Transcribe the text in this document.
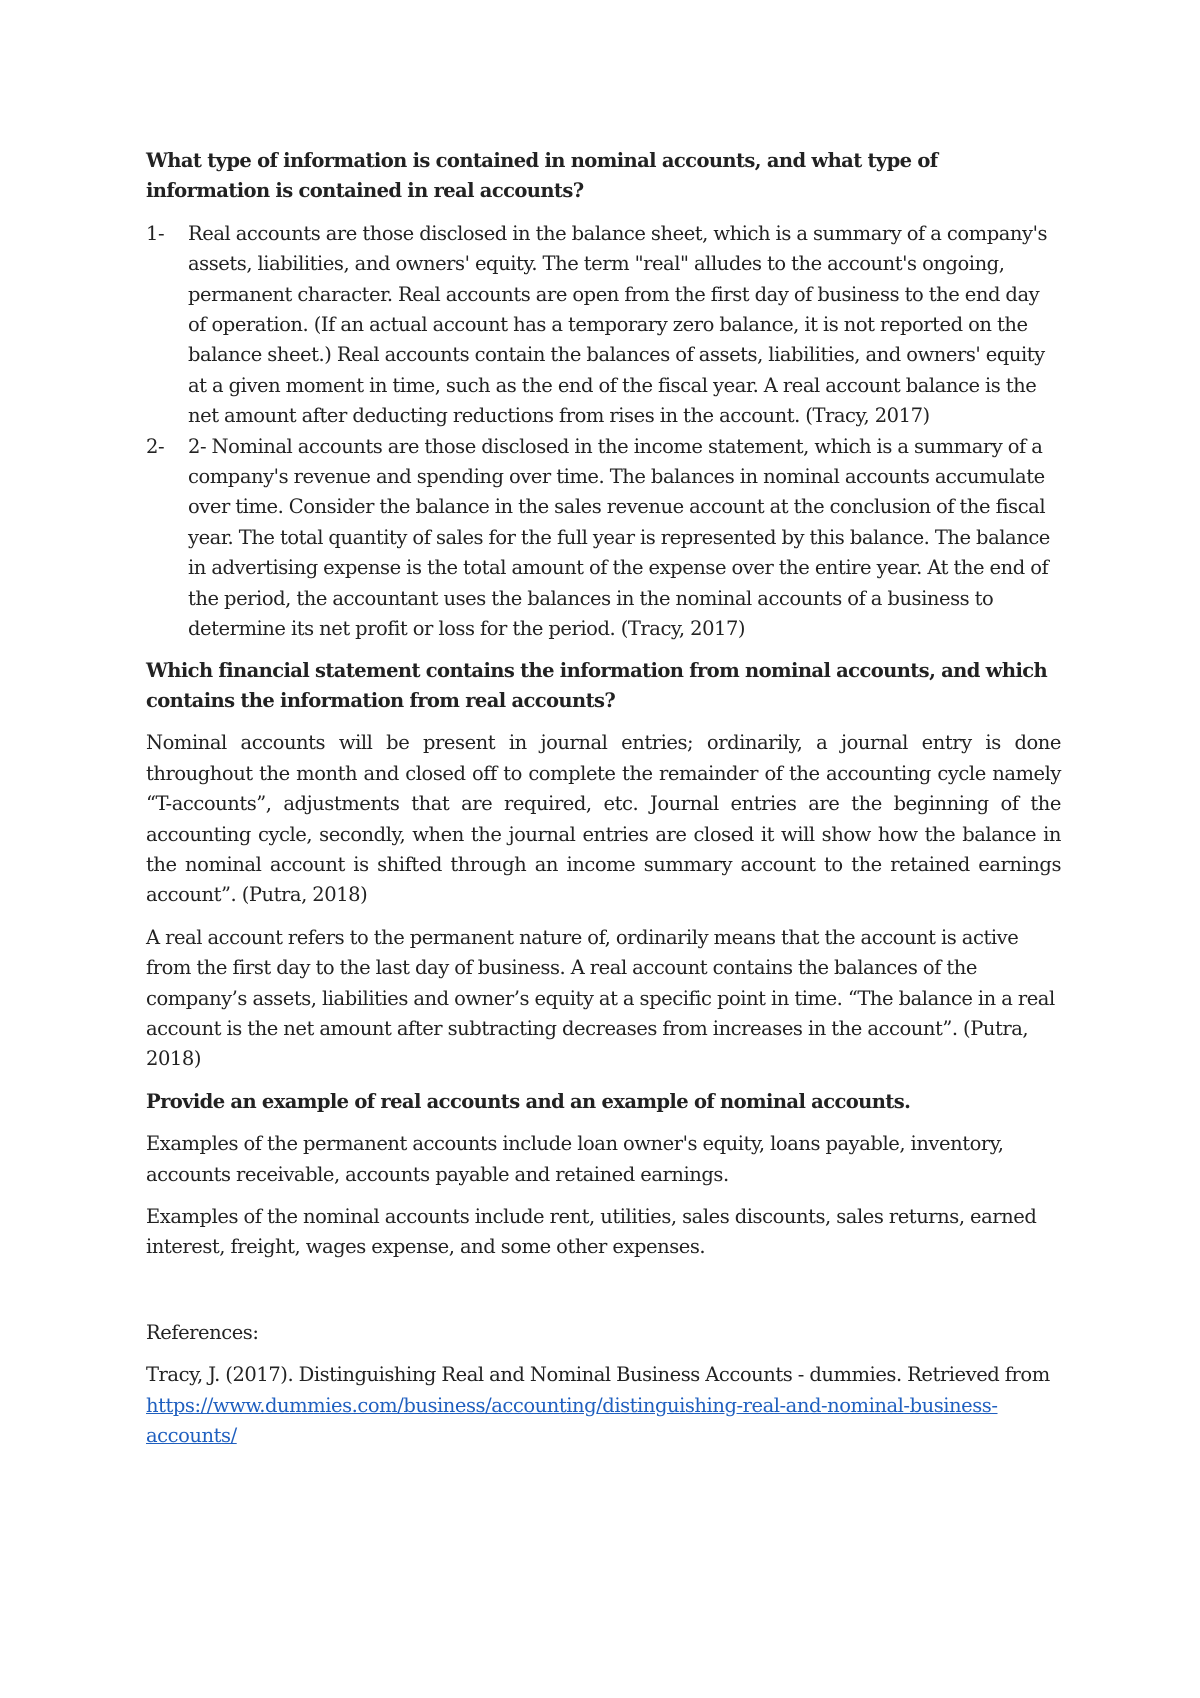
What type of information is contained in nominal accounts, and what type of information is contained in real accounts?

1- Real accounts are those disclosed in the balance sheet, which is a summary of a company's assets, liabilities, and owners' equity. The term "real" alludes to the account's ongoing, permanent character. Real accounts are open from the first day of business to the end day of operation. (If an actual account has a temporary zero balance, it is not reported on the balance sheet.) Real accounts contain the balances of assets, liabilities, and owners' equity at a given moment in time, such as the end of the fiscal year. A real account balance is the net amount after deducting reductions from rises in the account. (Tracy, 2017)
2- 2- Nominal accounts are those disclosed in the income statement, which is a summary of a company's revenue and spending over time. The balances in nominal accounts accumulate over time. Consider the balance in the sales revenue account at the conclusion of the fiscal year. The total quantity of sales for the full year is represented by this balance. The balance in advertising expense is the total amount of the expense over the entire year. At the end of the period, the accountant uses the balances in the nominal accounts of a business to determine its net profit or loss for the period. (Tracy, 2017)

Which financial statement contains the information from nominal accounts, and which contains the information from real accounts?

Nominal accounts will be present in journal entries; ordinarily, a journal entry is done throughout the month and closed off to complete the remainder of the accounting cycle namely “T-accounts”, adjustments that are required, etc. Journal entries are the beginning of the accounting cycle, secondly, when the journal entries are closed it will show how the balance in the nominal account is shifted through an income summary account to the retained earnings account”. (Putra, 2018)

A real account refers to the permanent nature of, ordinarily means that the account is active from the first day to the last day of business. A real account contains the balances of the company’s assets, liabilities and owner’s equity at a specific point in time. “The balance in a real account is the net amount after subtracting decreases from increases in the account”. (Putra, 2018)

Provide an example of real accounts and an example of nominal accounts.

Examples of the permanent accounts include loan owner's equity, loans payable, inventory, accounts receivable, accounts payable and retained earnings.

Examples of the nominal accounts include rent, utilities, sales discounts, sales returns, earned interest, freight, wages expense, and some other expenses.

References:

Tracy, J. (2017). Distinguishing Real and Nominal Business Accounts - dummies. Retrieved from https://www.dummies.com/business/accounting/distinguishing-real-and-nominal-business-accounts/
